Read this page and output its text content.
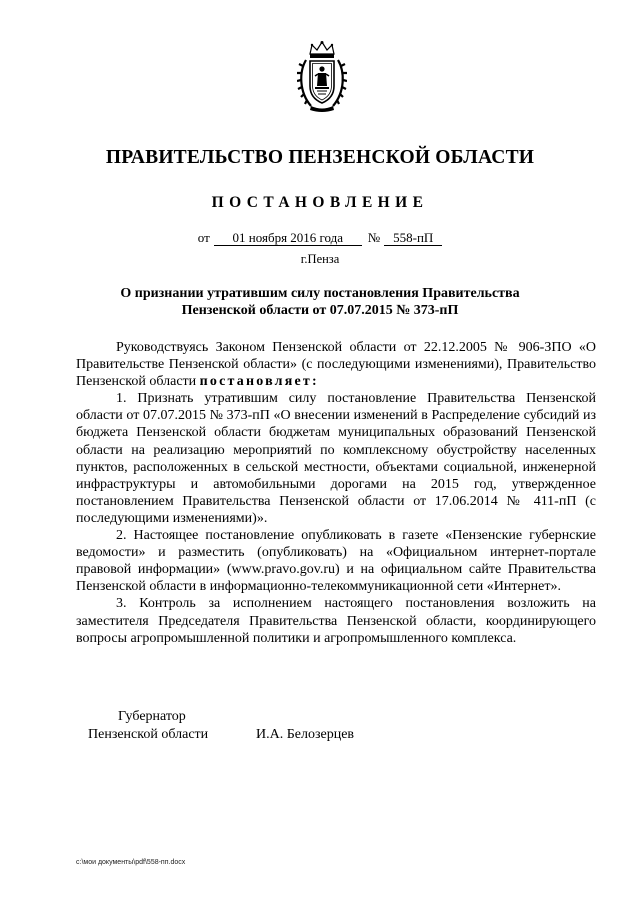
ПРАВИТЕЛЬСТВО ПЕНЗЕНСКОЙ ОБЛАСТИ
ПОСТАНОВЛЕНИЕ
от 01 ноября 2016 года № 558-пП
г.Пенза
О признании утратившим силу постановления Правительства
Пензенской области от 07.07.2015 № 373-пП

Руководствуясь Законом Пензенской области от 22.12.2005 № 906-ЗПО «О Правительстве Пензенской области» (с последующими изменениями), Правительство Пензенской области постановляет:

1. Признать утратившим силу постановление Правительства Пензенской области от 07.07.2015 № 373-пП «О внесении изменений в Распределение субсидий из бюджета Пензенской области бюджетам муниципальных образований Пензенской области на реализацию мероприятий по комплексному обустройству населенных пунктов, расположенных в сельской местности, объектами социальной, инженерной инфраструктуры и автомобильными дорогами на 2015 год, утвержденное постановлением Правительства Пензенской области от 17.06.2014 № 411-пП (с последующими изменениями)».

2. Настоящее постановление опубликовать в газете «Пензенские губернские ведомости» и разместить (опубликовать) на «Официальном интернет-портале правовой информации» (www.pravo.gov.ru) и на официальном сайте Правительства Пензенской области в информационно-телекоммуникационной сети «Интернет».

3. Контроль за исполнением настоящего постановления возложить на заместителя Председателя Правительства Пензенской области, координирующего вопросы агропромышленной политики и агропромышленного комплекса.

Губернатор
Пензенской области	И.А. Белозерцев
c:\мои документы\pdf\558-пп.docx
